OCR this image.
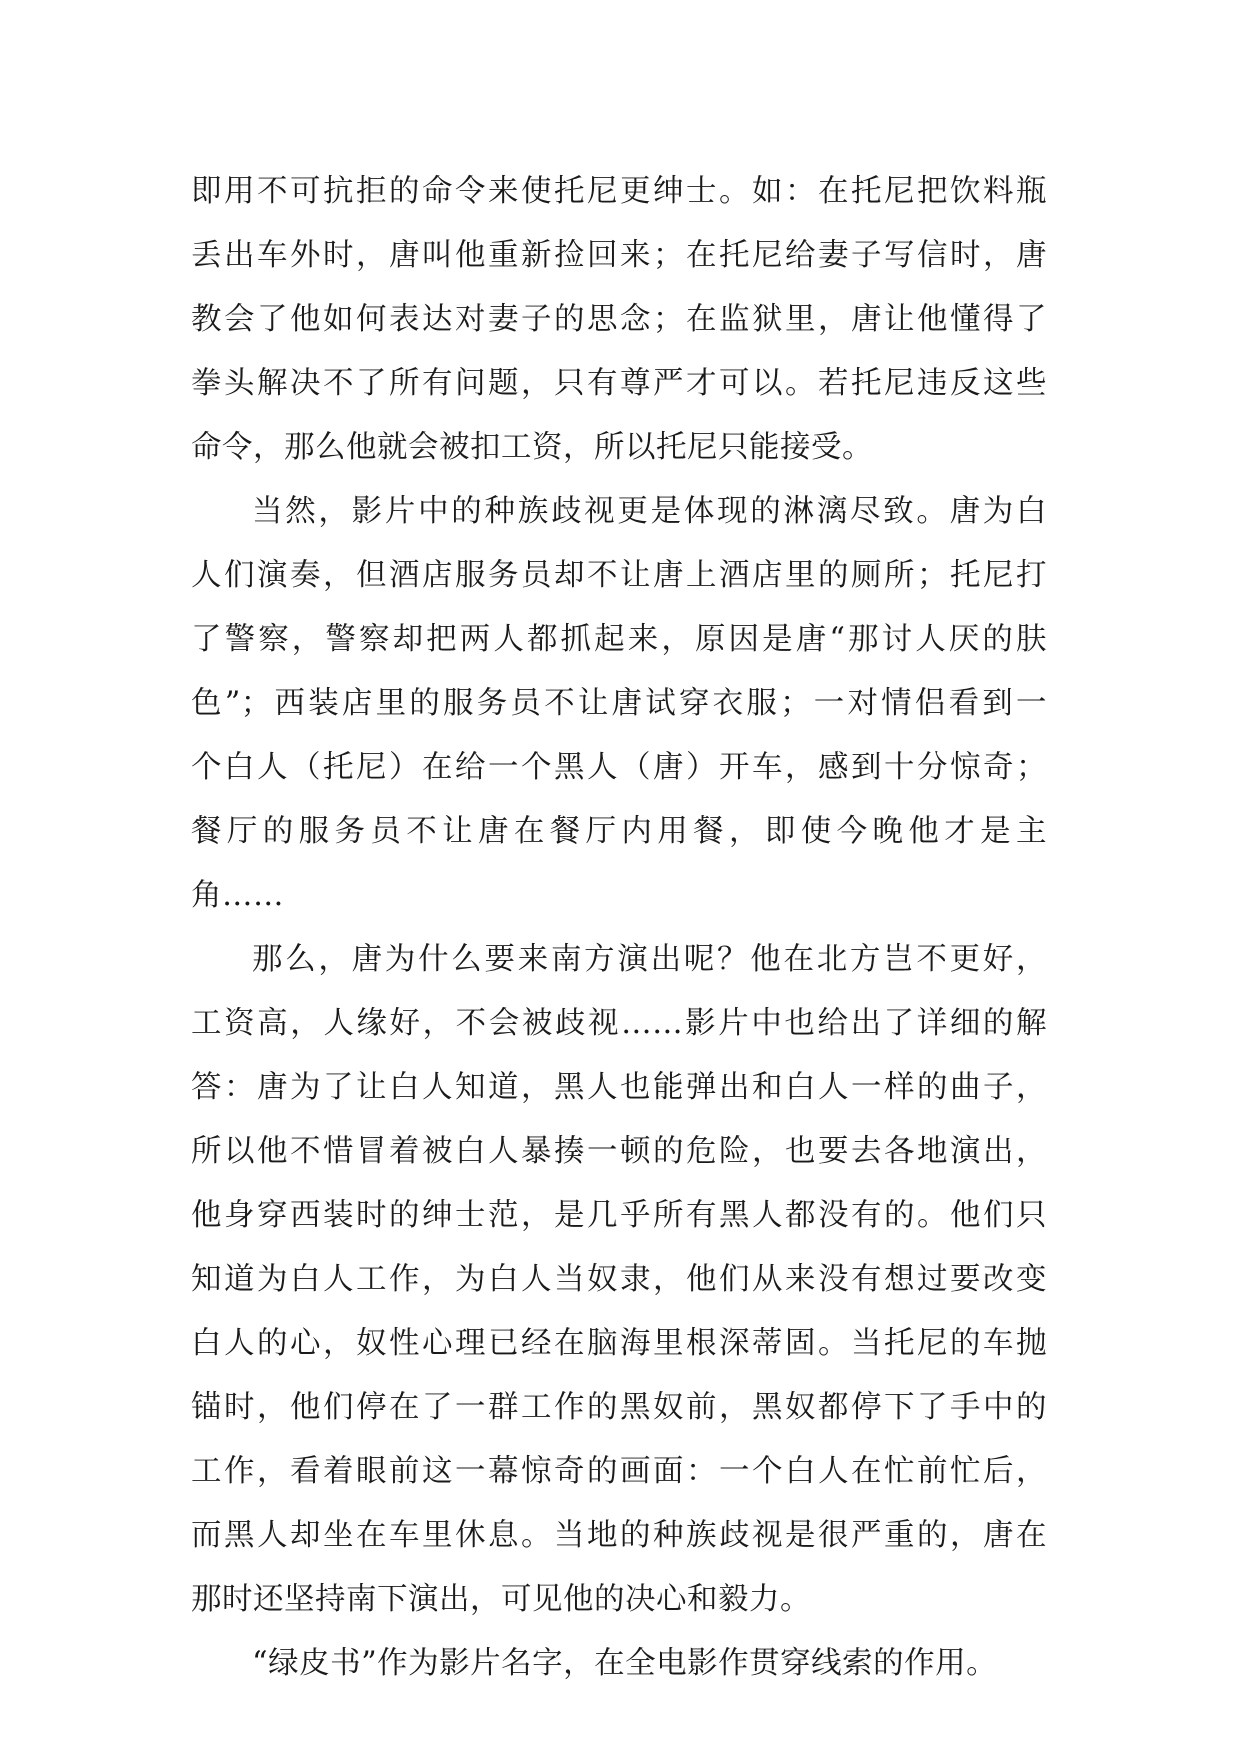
即用不可抗拒的命令来使托尼更绅士。如：在托尼把饮料瓶
丢出车外时，唐叫他重新捡回来；在托尼给妻子写信时，唐
教会了他如何表达对妻子的思念；在监狱里，唐让他懂得了
拳头解决不了所有问题，只有尊严才可以。若托尼违反这些
命令，那么他就会被扣工资，所以托尼只能接受。
当然，影片中的种族歧视更是体现的淋漓尽致。唐为白
人们演奏，但酒店服务员却不让唐上酒店里的厕所；托尼打
了警察，警察却把两人都抓起来，原因是唐“那讨人厌的肤
色”；西装店里的服务员不让唐试穿衣服；一对情侣看到一
个白人（托尼）在给一个黑人（唐）开车，感到十分惊奇；
餐厅的服务员不让唐在餐厅内用餐，即使今晚他才是主
角……
那么，唐为什么要来南方演出呢？他在北方岂不更好，
工资高，人缘好，不会被歧视……影片中也给出了详细的解
答：唐为了让白人知道，黑人也能弹出和白人一样的曲子，
所以他不惜冒着被白人暴揍一顿的危险，也要去各地演出，
他身穿西装时的绅士范，是几乎所有黑人都没有的。他们只
知道为白人工作，为白人当奴隶，他们从来没有想过要改变
白人的心，奴性心理已经在脑海里根深蒂固。当托尼的车抛
锚时，他们停在了一群工作的黑奴前，黑奴都停下了手中的
工作，看着眼前这一幕惊奇的画面：一个白人在忙前忙后，
而黑人却坐在车里休息。当地的种族歧视是很严重的，唐在
那时还坚持南下演出，可见他的决心和毅力。
“绿皮书”作为影片名字，在全电影作贯穿线索的作用。
